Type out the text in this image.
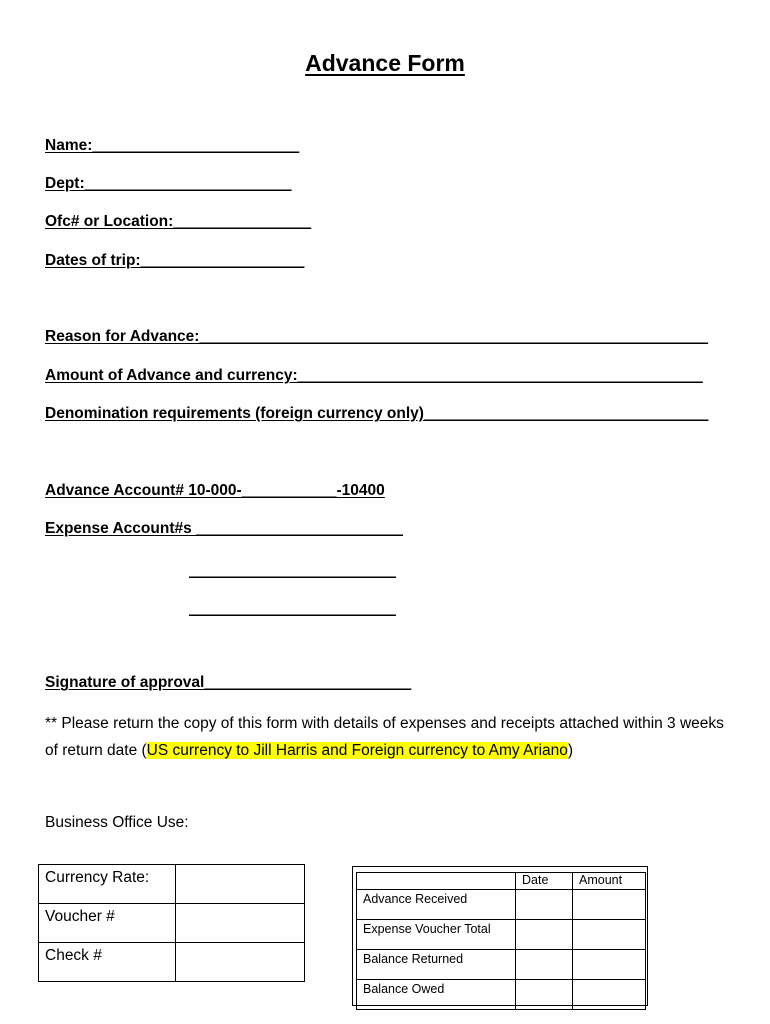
Advance Form
Name:________________________
Dept:________________________
Ofc# or Location:________________
Dates of trip:___________________
Reason for Advance:___________________________________________________________
Amount of Advance and currency:_______________________________________________
Denomination requirements (foreign currency only)_________________________________
Advance Account# 10-000-___________-10400
Expense Account#s ________________________
________________________
________________________
Signature of approval________________________
** Please return the copy of this form with details of expenses and receipts attached within 3 weeks of return date (US currency to Jill Harris and Foreign currency to Amy Ariano)
Business Office Use:
Currency Rate:	
Voucher #	
Check #	
	Date	Amount
Advance Received		
Expense Voucher Total		
Balance Returned		
Balance Owed		
